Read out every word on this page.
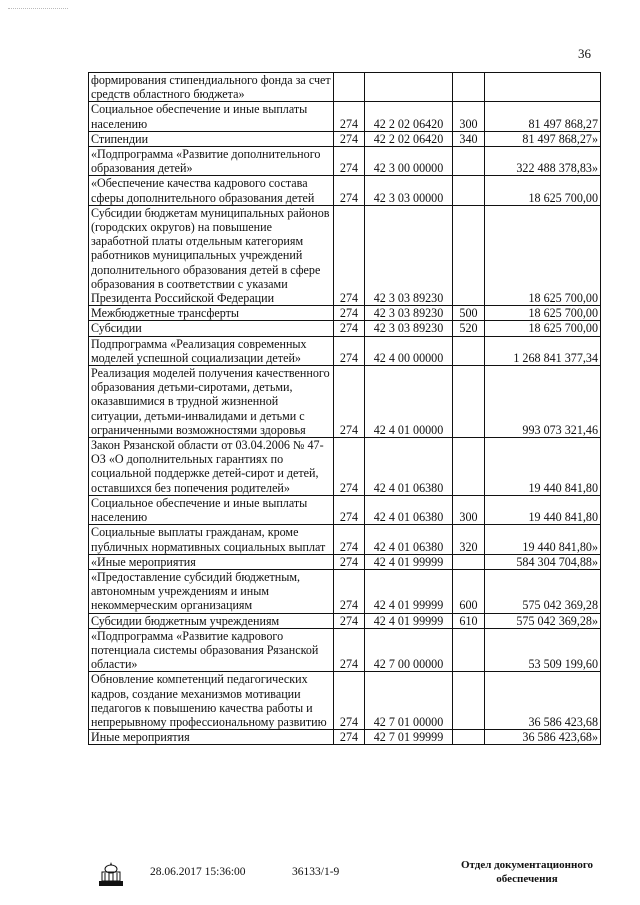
36
формирования стипендиального фонда за счет средств областного бюджета»				
Социальное обеспечение и иные выплаты населению	274	42 2 02 06420	300	81 497 868,27
Стипендии	274	42 2 02 06420	340	81 497 868,27»
«Подпрограмма «Развитие дополнительного образования детей»	274	42 3 00 00000		322 488 378,83»
«Обеспечение качества кадрового состава сферы дополнительного образования детей	274	42 3 03 00000		18 625 700,00
Субсидии бюджетам муниципальных районов (городских округов) на повышение заработной платы отдельным категориям работников муниципальных учреждений дополнительного образования детей в сфере образования в соответствии с указами Президента Российской Федерации	274	42 3 03 89230		18 625 700,00
Межбюджетные трансферты	274	42 3 03 89230	500	18 625 700,00
Субсидии	274	42 3 03 89230	520	18 625 700,00
Подпрограмма «Реализация современных моделей успешной социализации детей»	274	42 4 00 00000		1 268 841 377,34
Реализация моделей получения качественного образования детьми-сиротами, детьми, оказавшимися в трудной жизненной ситуации, детьми-инвалидами и детьми с ограниченными возможностями здоровья	274	42 4 01 00000		993 073 321,46
Закон Рязанской области от 03.04.2006 № 47-ОЗ «О дополнительных гарантиях по социальной поддержке детей-сирот и детей, оставшихся без попечения родителей»	274	42 4 01 06380		19 440 841,80
Социальное обеспечение и иные выплаты населению	274	42 4 01 06380	300	19 440 841,80
Социальные выплаты гражданам, кроме публичных нормативных социальных выплат	274	42 4 01 06380	320	19 440 841,80»
«Иные мероприятия	274	42 4 01 99999		584 304 704,88»
«Предоставление субсидий бюджетным, автономным учреждениям и иным некоммерческим организациям	274	42 4 01 99999	600	575 042 369,28
Субсидии бюджетным учреждениям	274	42 4 01 99999	610	575 042 369,28»
«Подпрограмма «Развитие кадрового потенциала системы образования Рязанской области»	274	42 7 00 00000		53 509 199,60
Обновление компетенций педагогических кадров, создание механизмов мотивации педагогов к повышению качества работы и непрерывному профессиональному развитию	274	42 7 01 00000		36 586 423,68
Иные мероприятия	274	42 7 01 99999		36 586 423,68»
28.06.2017 15:36:00	36133/1-9
Отдел документационного
обеспечения
